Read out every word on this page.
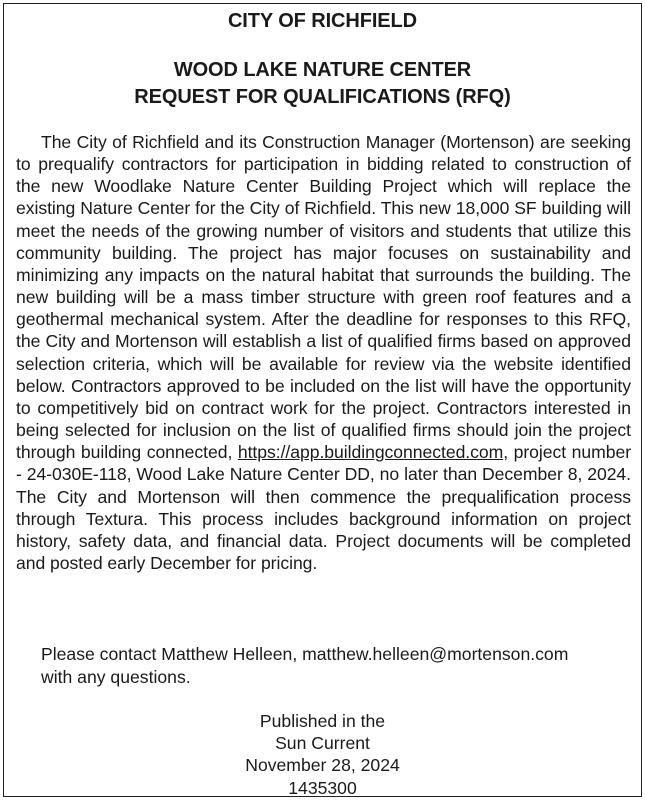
CITY OF RICHFIELD
WOOD LAKE NATURE CENTER
REQUEST FOR QUALIFICATIONS (RFQ)
The City of Richfield and its Construction Manager (Mortenson) are seeking to prequalify contractors for participation in bidding related to construction of the new Woodlake Nature Center Building Project which will replace the existing Nature Center for the City of Richfield. This new 18,000 SF building will meet the needs of the growing number of visitors and students that utilize this community building. The project has major focuses on sustainability and minimizing any impacts on the natural habitat that surrounds the building. The new building will be a mass timber structure with green roof features and a geothermal mechanical system. After the deadline for responses to this RFQ, the City and Mortenson will establish a list of qualified firms based on approved selection criteria, which will be available for review via the website identified below. Contractors approved to be included on the list will have the opportunity to competitively bid on contract work for the project. Contractors interested in being selected for inclusion on the list of qualified firms should join the project through building connected, https://app.buildingconnected.com, project number - 24-030E-118, Wood Lake Nature Center DD, no later than December 8, 2024. The City and Mortenson will then commence the prequalification process through Textura. This process includes background information on project history, safety data, and financial data. Project documents will be completed and posted early December for pricing.
Please contact Matthew Helleen, matthew.helleen@mortenson.com
with any questions.
Published in the
Sun Current
November 28, 2024
1435300
